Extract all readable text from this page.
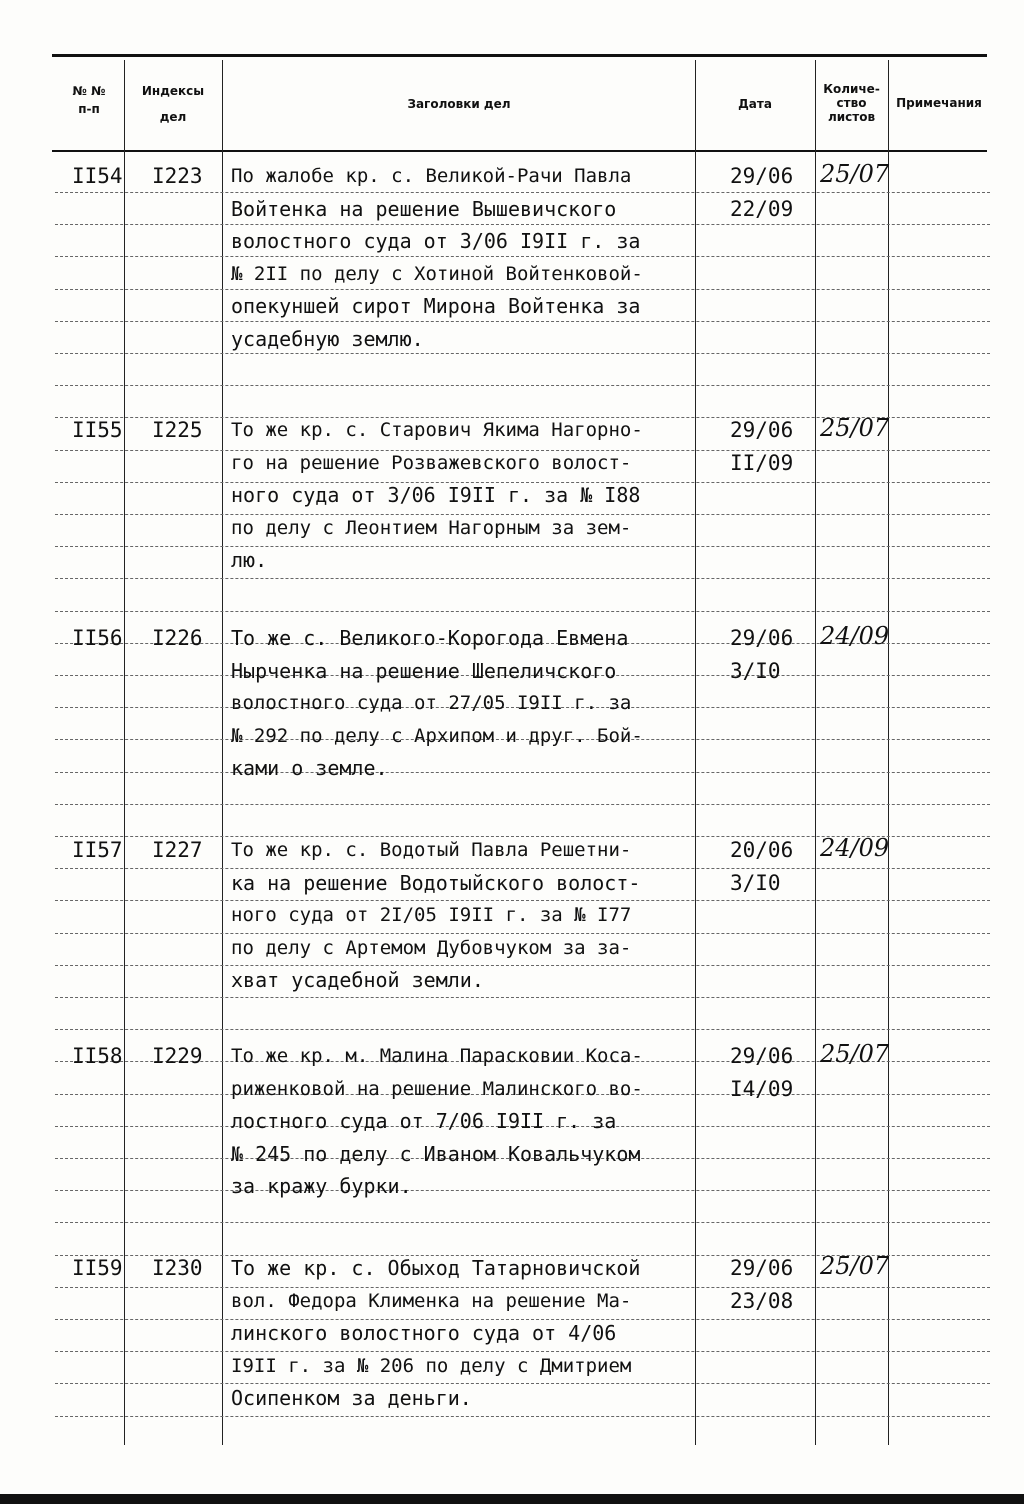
№ №
п-п
Индексы
дел
Заголовки дел	Дата
Количе-
ство
листов
Примечания
II54 I223 По жалобе кр. с. Великой-Рачи Павла
Войтенка на решение Вышевичского
волостного суда от 3/06 I9II г. за
№ 2II по делу с Хотиной Войтенковой-
опекуншей сирот Мирона Войтенка за
усадебную землю.
29/06
22/09
25/07
II55 I225 То же кр. с. Старович Якима Нагорно-
го на решение Розважевского волост-
ного суда от 3/06 I9II г. за № I88
по делу с Леонтием Нагорным за зем-
лю.
29/06
II/09
25/07
II56 I226 То же с. Великого-Корогода Евмена
Нырченка на решение Шепеличского
волостного суда от 27/05 I9II г. за
№ 292 по делу с Архипом и друг. Бой-
ками о земле.
29/06
3/I0
24/09
II57 I227 То же кр. с. Водотый Павла Решетни-
ка на решение Водотыйского волост-
ного суда от 2I/05 I9II г. за № I77
по делу с Артемом Дубовчуком за за-
хват усадебной земли.
20/06
3/I0
24/09
II58 I229 То же кр. м. Малина Парасковии Коса-
риженковой на решение Малинского во-
лостного суда от 7/06 I9II г. за
№ 245 по делу с Иваном Ковальчуком
за кражу бурки.
29/06
I4/09
25/07
II59 I230 То же кр. с. Обыход Татарновичской
вол. Федора Клименка на решение Ма-
линского волостного суда от 4/06
I9II г. за № 206 по делу с Дмитрием
Осипенком за деньги.
29/06
23/08
25/07
